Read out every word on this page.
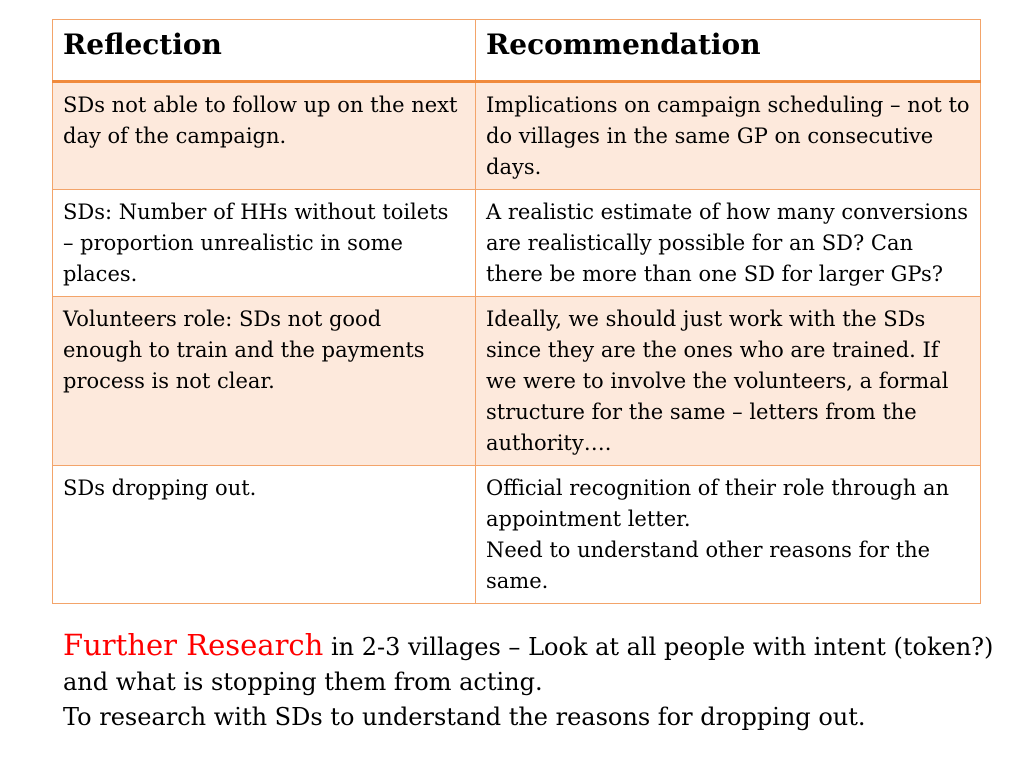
Reflection	Recommendation
SDs not able to follow up on the next day of the campaign.	Implications on campaign scheduling – not to do villages in the same GP on consecutive days.

SDs: Number of HHs without toilets – proportion unrealistic in some places.	A realistic estimate of how many conversions are realistically possible for an SD? Can there be more than one SD for larger GPs?

Volunteers role: SDs not good enough to train and the payments process is not clear.	Ideally, we should just work with the SDs since they are the ones who are trained. If we were to involve the volunteers, a formal structure for the same – letters from the authority….

SDs dropping out.	Official recognition of their role through an appointment letter.
Need to understand other reasons for the same.

Further Research in 2-3 villages – Look at all people with intent (token?) and what is stopping them from acting.

To research with SDs to understand the reasons for dropping out.
